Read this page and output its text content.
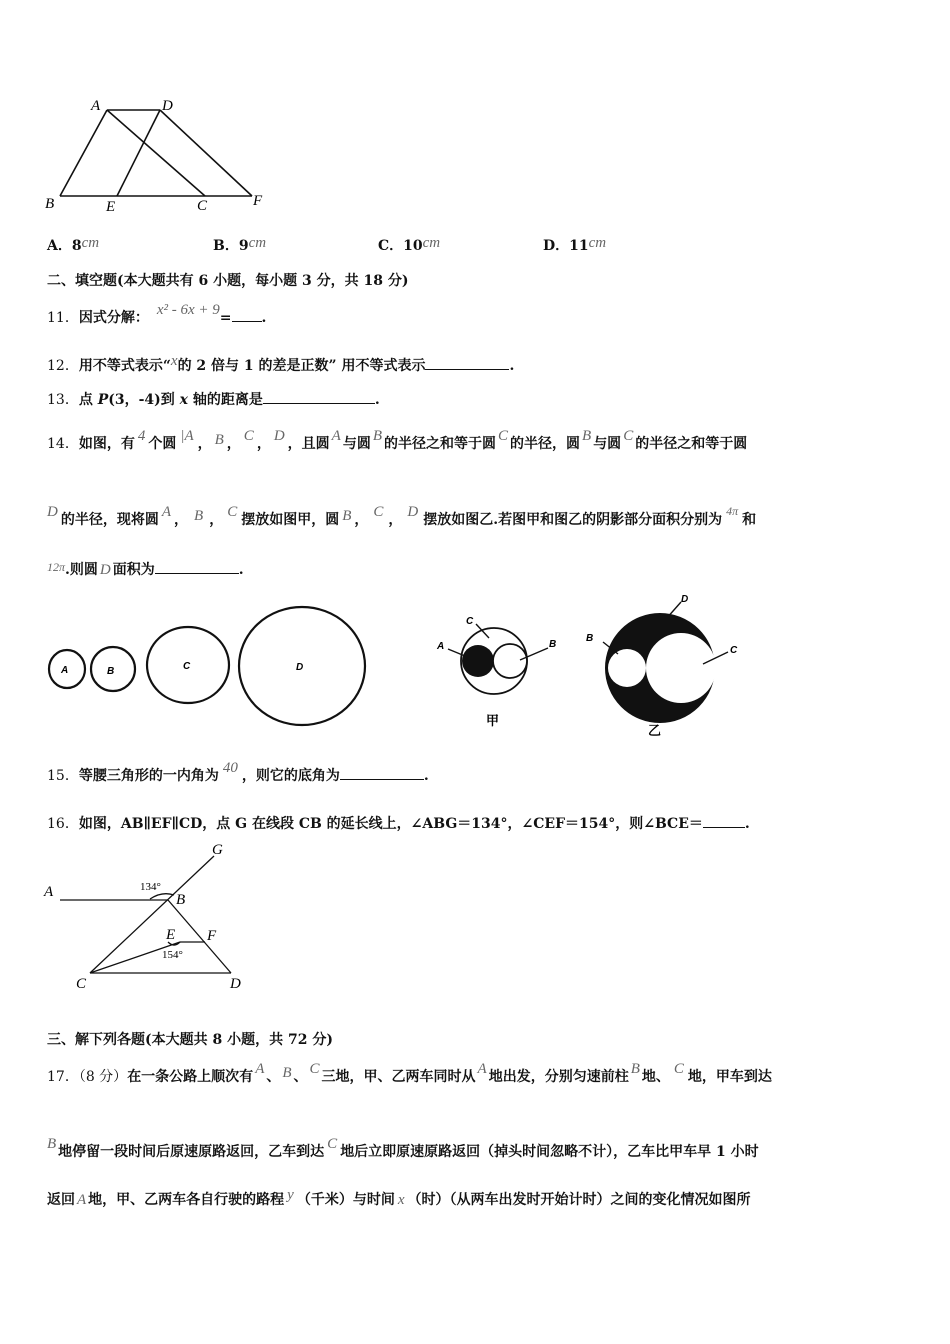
A	D
B	E	C	F
A．8cm	B．9cm	C．10cm	D．11cm
二、填空题(本大题共有 6 小题，每小题 3 分，共 18 分)
11．因式分解： x² - 6x + 9= .
12．用不等式表示“x的 2 倍与 1 的差是正数” 用不等式表示	.
13．点 P(3，-4)到 x 轴的距离是	.
14．如图，有 4 个圆 |A ， B ， C ， D ，且圆 A 与圆 B 的半径之和等于圆 C 的半径，圆 B 与圆 C 的半径之和等于圆
D 的半径，现将圆 A ， B ， C 摆放如图甲，圆 B ， C ， D 摆放如图乙.若图甲和图乙的阴影部分面积分别为4π和
12π.则圆 D 面积为	.
A	B	C	D
A
C
B
甲
B
D
C
乙
15．等腰三角形的一内角为 40 ，则它的底角为	.
16．如图，AB∥EF∥CD，点 G 在线段 CB 的延长线上，∠ABG＝134°，∠CEF＝154°，则∠BCE＝	.
G
A	134°
B
E F
154°
C	D
三、解下列各题(本大题共 8 小题，共 72 分)
17．（8 分）在一条公路上顺次有 A 、 B 、 C 三地，甲、乙两车同时从 A 地出发，分别匀速前柱 B 地、 C 地，甲车到达
B 地停留一段时间后原速原路返回，乙车到达 C 地后立即原速原路返回（掉头时间忽略不计），乙车比甲车早 1 小时
返回 A 地，甲、乙两车各自行驶的路程 y （千米）与时间 x （时）（从两车出发时开始计时）之间的变化情况如图所
